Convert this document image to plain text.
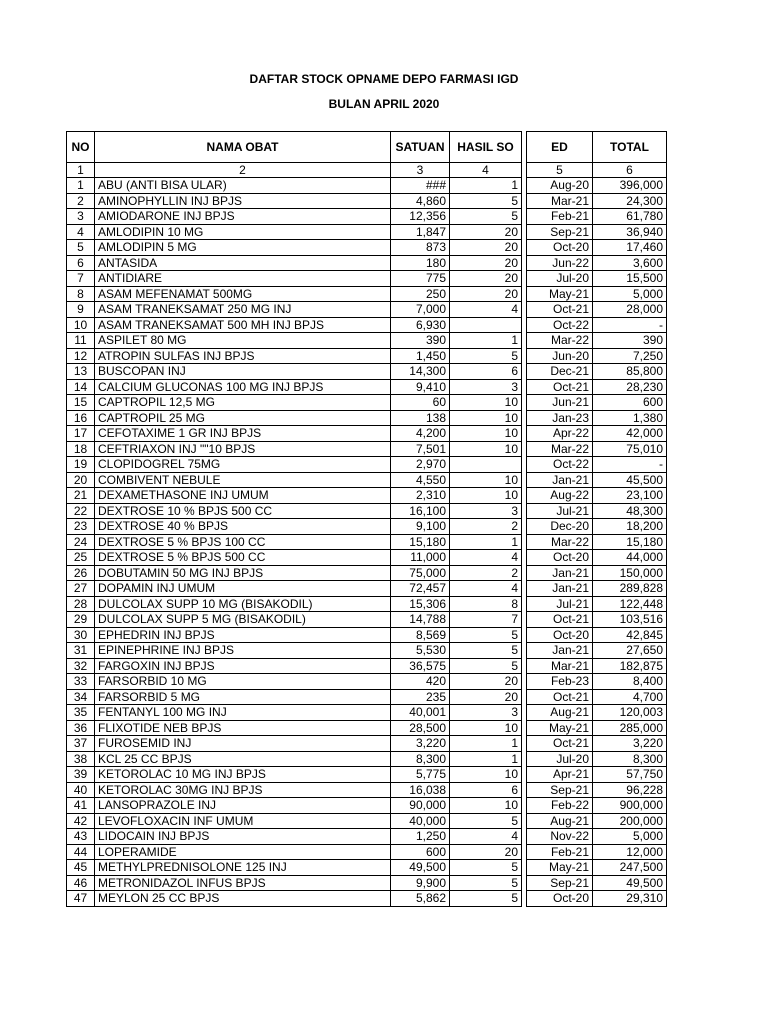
DAFTAR STOCK OPNAME DEPO FARMASI IGD
BULAN APRIL 2020
NO	NAMA OBAT	SATUAN	HASIL SO		ED	TOTAL
1	2	3	4		5	6
1	ABU (ANTI BISA ULAR)	###	1		Aug-20	396,000
2	AMINOPHYLLIN INJ BPJS	4,860	5		Mar-21	24,300
3	AMIODARONE INJ BPJS	12,356	5		Feb-21	61,780
4	AMLODIPIN 10 MG	1,847	20		Sep-21	36,940
5	AMLODIPIN 5 MG	873	20		Oct-20	17,460
6	ANTASIDA	180	20		Jun-22	3,600
7	ANTIDIARE	775	20		Jul-20	15,500
8	ASAM MEFENAMAT 500MG	250	20		May-21	5,000
9	ASAM TRANEKSAMAT 250 MG INJ	7,000	4		Oct-21	28,000
10	ASAM TRANEKSAMAT 500 MH INJ BPJS	6,930			Oct-22	-
11	ASPILET 80 MG	390	1		Mar-22	390
12	ATROPIN SULFAS INJ BPJS	1,450	5		Jun-20	7,250
13	BUSCOPAN INJ	14,300	6		Dec-21	85,800
14	CALCIUM GLUCONAS 100 MG INJ BPJS	9,410	3		Oct-21	28,230
15	CAPTROPIL 12,5 MG	60	10		Jun-21	600
16	CAPTROPIL 25 MG	138	10		Jan-23	1,380
17	CEFOTAXIME 1 GR INJ BPJS	4,200	10		Apr-22	42,000
18	CEFTRIAXON INJ ""10 BPJS	7,501	10		Mar-22	75,010
19	CLOPIDOGREL 75MG	2,970			Oct-22	-
20	COMBIVENT NEBULE	4,550	10		Jan-21	45,500
21	DEXAMETHASONE INJ UMUM	2,310	10		Aug-22	23,100
22	DEXTROSE 10 % BPJS 500 CC	16,100	3		Jul-21	48,300
23	DEXTROSE 40 % BPJS	9,100	2		Dec-20	18,200
24	DEXTROSE 5 % BPJS 100 CC	15,180	1		Mar-22	15,180
25	DEXTROSE 5 % BPJS 500 CC	11,000	4		Oct-20	44,000
26	DOBUTAMIN 50 MG INJ BPJS	75,000	2		Jan-21	150,000
27	DOPAMIN INJ UMUM	72,457	4		Jan-21	289,828
28	DULCOLAX SUPP 10 MG (BISAKODIL)	15,306	8		Jul-21	122,448
29	DULCOLAX SUPP 5 MG (BISAKODIL)	14,788	7		Oct-21	103,516
30	EPHEDRIN INJ BPJS	8,569	5		Oct-20	42,845
31	EPINEPHRINE INJ BPJS	5,530	5		Jan-21	27,650
32	FARGOXIN INJ BPJS	36,575	5		Mar-21	182,875
33	FARSORBID 10 MG	420	20		Feb-23	8,400
34	FARSORBID 5 MG	235	20		Oct-21	4,700
35	FENTANYL 100 MG INJ	40,001	3		Aug-21	120,003
36	FLIXOTIDE NEB BPJS	28,500	10		May-21	285,000
37	FUROSEMID INJ	3,220	1		Oct-21	3,220
38	KCL 25 CC BPJS	8,300	1		Jul-20	8,300
39	KETOROLAC 10 MG INJ BPJS	5,775	10		Apr-21	57,750
40	KETOROLAC 30MG INJ BPJS	16,038	6		Sep-21	96,228
41	LANSOPRAZOLE INJ	90,000	10		Feb-22	900,000
42	LEVOFLOXACIN INF UMUM	40,000	5		Aug-21	200,000
43	LIDOCAIN INJ BPJS	1,250	4		Nov-22	5,000
44	LOPERAMIDE	600	20		Feb-21	12,000
45	METHYLPREDNISOLONE 125 INJ	49,500	5		May-21	247,500
46	METRONIDAZOL INFUS BPJS	9,900	5		Sep-21	49,500
47	MEYLON 25 CC BPJS	5,862	5		Oct-20	29,310
